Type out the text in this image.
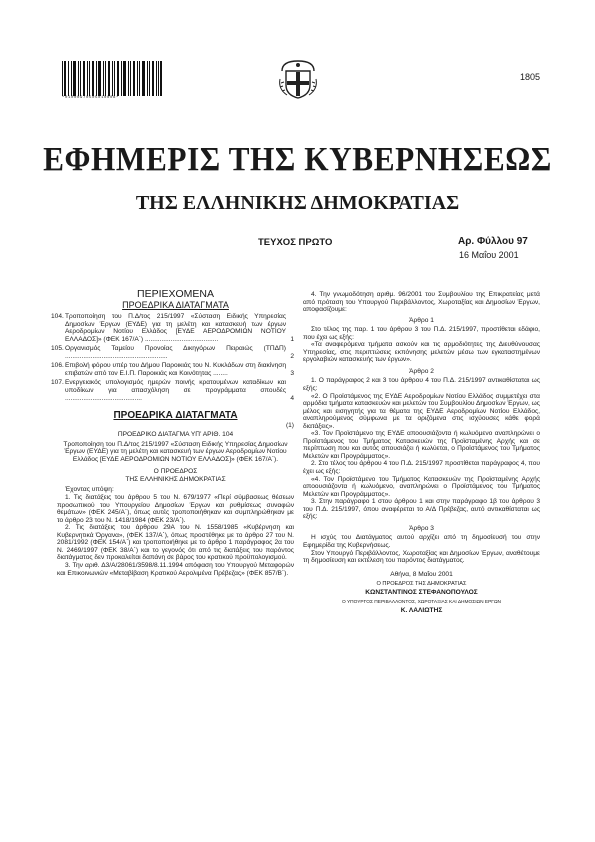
*01000970505010008*
1805
ΕΦΗΜΕΡΙΣ ΤΗΣ ΚΥΒΕΡΝΗΣΕΩΣ
ΤΗΣ ΕΛΛΗΝΙΚΗΣ ΔΗΜΟΚΡΑΤΙΑΣ
ΤΕΥΧΟΣ ΠΡΩΤΟ	Αρ. Φύλλου 97
16 Μαΐου 2001
ΠΕΡΙΕΧΟΜΕΝΑ
ΠΡΟΕΔΡΙΚΑ ΔΙΑΤΑΓΜΑΤΑ
104. Τροποποίηση του Π.Δ/τος 215/1997 «Σύσταση Ειδικής Υπηρεσίας Δημοσίων Έργων (ΕΥΔΕ) για τη μελέτη και κατασκευή των έργων Αεροδρομίων Νοτίου Ελλάδος [ΕΥΔΕ ΑΕΡΟΔΡΟΜΙΩΝ ΝΟΤΙΟΥ ΕΛΛΑΔΟΣ]» (ΦΕΚ 167/Α΄) ........................................	1
105. Οργανισμός Ταμείου Προνοίας Δικηγόρων Πειραιώς (ΤΠΔΠ) ........................................................	2
106. Επιβολή φόρου υπέρ του Δήμου Παροικιάς του Ν. Κυκλάδων στη διακίνηση επιβατών από τον Ε.Ι.Π. Παροικιάς και Κοινότητας ........	3
107. Ενεργειακός υπολογισμός ημερών ποινής κρατουμένων καταδίκων και υποδίκων για απασχόληση σε προγράμματα σπουδές ..........................................	4
ΠΡΟΕΔΡΙΚΑ ΔΙΑΤΑΓΜΑΤΑ
(1)
ΠΡΟΕΔΡΙΚΟ ΔΙΑΤΑΓΜΑ ΥΠ’ ΑΡΙΘ. 104
Τροποποίηση του Π.Δ/τος 215/1997 «Σύσταση Ειδικής Υπηρεσίας Δημοσίων Έργων (ΕΥΔΕ) για τη μελέτη και κατασκευή των έργων Αεροδρομίων Νοτίου Ελλάδος [ΕΥΔΕ ΑΕΡΟΔΡΟΜΙΩΝ ΝΟΤΙΟΥ ΕΛΛΑΔΟΣ]» (ΦΕΚ 167/Α΄).
Ο ΠΡΟΕΔΡΟΣ
ΤΗΣ ΕΛΛΗΝΙΚΗΣ ΔΗΜΟΚΡΑΤΙΑΣ
Έχοντας υπόψη:
1. Τις διατάξεις του άρθρου 5 του Ν. 679/1977 «Περί σύμβασεως θέσεων προσωπικού του Υπουργείου Δημοσίων Έργων και ρυθμίσεως συναφών θεμάτων» (ΦΕΚ 245/Α΄), όπως αυτές τροποποιήθηκαν και συμπληρώθηκαν με το άρθρο 23 του Ν. 1418/1984 (ΦΕΚ 23/Α΄).
2. Τις διατάξεις του άρθρου 29Α του Ν. 1558/1985 «Κυβέρνηση και Κυβερνητικά Όργανα», (ΦΕΚ 137/Α΄), όπως προστέθηκε με το άρθρο 27 του Ν. 2081/1992 (ΦΕΚ 154/Α΄) και τροποποιήθηκε με το άρθρο 1 παράγραφος 2α του Ν. 2469/1997 (ΦΕΚ 38/Α΄) και το γεγονός ότι από τις διατάξεις του παρόντος διατάγματος δεν προκαλείται δαπάνη σε βάρος του κρατικού προϋπολογισμού.
3. Την αριθ. Δ3/Α/28061/3598/8.11.1994 απόφαση του Υπουργού Μεταφορών και Επικοινωνιών «Μεταβίβαση Κρατικού Αερολιμένα Πρέβεζας» (ΦΕΚ 857/Β΄).
4. Την γνωμοδότηση αριθμ. 96/2001 του Συμβουλίου της Επικρατείας μετά από πρόταση του Υπουργού Περιβάλλοντος, Χωροταξίας και Δημοσίων Έργων, αποφασίζουμε:
Άρθρο 1
Στο τέλος της παρ. 1 του άρθρου 3 του Π.Δ. 215/1997, προστίθεται εδάφιο, που έχει ως εξής:
«Τα αναφερόμενα τμήματα ασκούν και τις αρμοδιότητες της Διευθύνουσας Υπηρεσίας, στις περιπτώσεις εκπόνησης μελετών μέσω των εγκαταστημένων εργολαβιών κατασκευής των έργων».
Άρθρο 2
1. Ο παράγραφος 2 και 3 του άρθρου 4 του Π.Δ. 215/1997 αντικαθίσταται ως εξής:
«2. Ο Προϊστάμενος της ΕΥΔΕ Αεροδρομίων Νοτίου Ελλάδος συμμετέχει στα αρμόδια τμήματα κατασκευών και μελετών του Συμβουλίου Δημοσίων Έργων, ως μέλος και εισηγητής για τα θέματα της ΕΥΔΕ Αεροδρομίων Νοτίου Ελλάδος, αναπληρούμενος σύμφωνα με τα οριζόμενα στις ισχύουσες κάθε φορά διατάξεις».
«3. Τον Προϊστάμενο της ΕΥΔΕ αποουσιάζοντα ή κωλυόμενο αναπληρώνει ο Προϊστάμενος του Τμήματος Κατασκευών της Προϊσταμένης Αρχής και σε περίπτωση που και αυτός απουσιάζει ή κωλύεται, ο Προϊστάμενος του Τμήματος Μελετών και Προγράμματος».
2. Στο τέλος του άρθρου 4 του Π.Δ. 215/1997 προστίθεται παράγραφος 4, που έχει ως εξής:
«4. Τον Προϊστάμενο του Τμήματος Κατασκευών της Προϊσταμένης Αρχής αποουσιάζοντα ή κωλυόμενο, αναπληρώνει ο Προϊστάμενος του Τμήματος Μελετών και Προγράμματος».
3. Στην παράγραφο 1 στου άρθρου 1 και στην παράγραφο 1β του άρθρου 3 του Π.Δ. 215/1997, όπου αναφέρεται το Α/Δ Πρέβεζας, αυτό αντικαθίσταται ως εξής:
Άρθρο 3
Η ισχύς του Διατάγματος αυτού αρχίζει από τη δημοσίευσή του στην Εφημερίδα της Κυβερνήσεως.
Στον Υπουργό Περιβάλλοντος, Χωροταξίας και Δημοσίων Έργων, αναθέτουμε τη δημοσίευση και εκτέλεση του παρόντος διατάγματος.
Αθήνα, 8 Μαΐου 2001
Ο ΠΡΟΕΔΡΟΣ ΤΗΣ ΔΗΜΟΚΡΑΤΙΑΣ
ΚΩΝΣΤΑΝΤΙΝΟΣ ΣΤΕΦΑΝΟΠΟΥΛΟΣ
Ο ΥΠΟΥΡΓΟΣ ΠΕΡΙΒΑΛΛΟΝΤΟΣ, ΧΩΡΟΤΑΞΙΑΣ ΚΑΙ ΔΗΜΟΣΙΩΝ ΕΡΓΩΝ
Κ. ΛΑΛΙΩΤΗΣ
